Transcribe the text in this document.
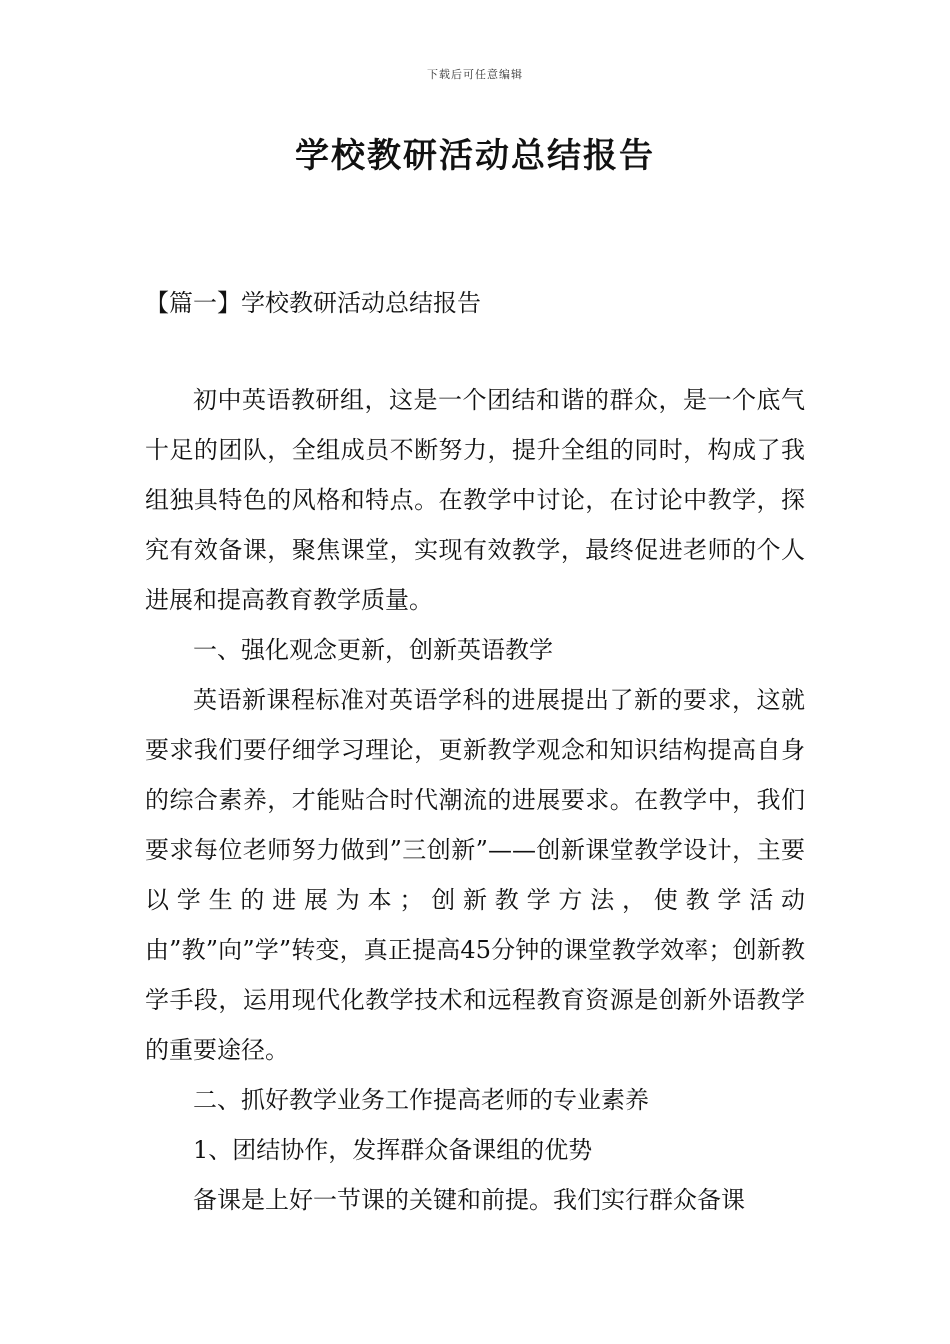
下载后可任意编辑
学校教研活动总结报告
【篇一】学校教研活动总结报告

初中英语教研组，这是一个团结和谐的群众，是一个底气十足的团队，全组成员不断努力，提升全组的同时，构成了我组独具特色的风格和特点。在教学中讨论，在讨论中教学，探究有效备课，聚焦课堂，实现有效教学，最终促进老师的个人进展和提高教育教学质量。

一、强化观念更新，创新英语教学

英语新课程标准对英语学科的进展提出了新的要求，这就要求我们要仔细学习理论，更新教学观念和知识结构提高自身的综合素养，才能贴合时代潮流的进展要求。在教学中，我们要求每位老师努力做到”三创新”——创新课堂教学设计，主要以学生的进展为本；创新教学方法，使教学活动由”教”向”学”转变，真正提高45分钟的课堂教学效率；创新教学手段，运用现代化教学技术和远程教育资源是创新外语教学的重要途径。

二、抓好教学业务工作提高老师的专业素养

1、团结协作，发挥群众备课组的优势

备课是上好一节课的关键和前提。我们实行群众备课
